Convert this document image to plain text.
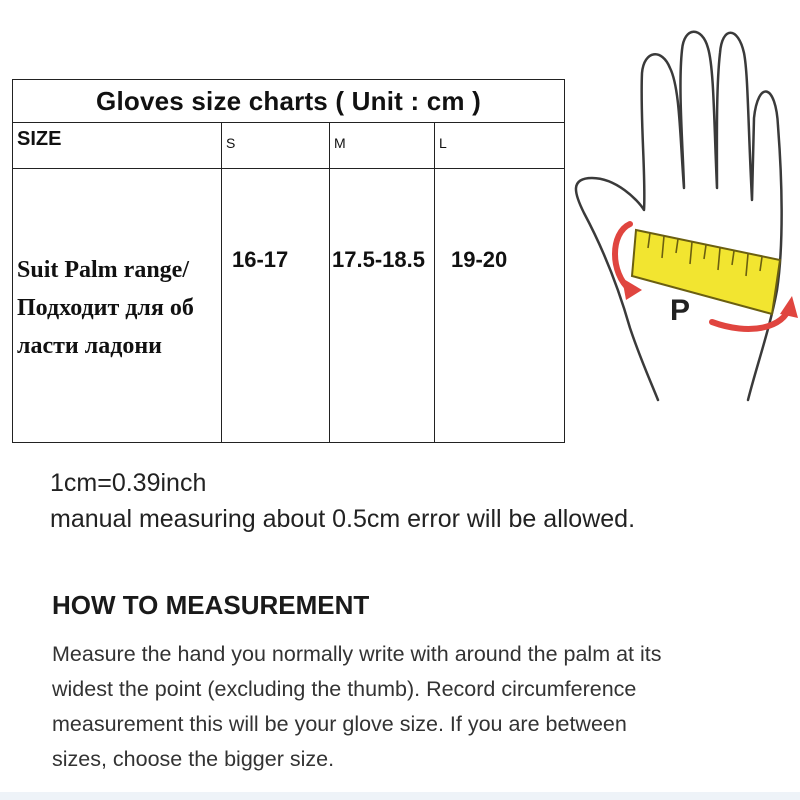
Gloves size charts ( Unit : cm )			
SIZE	S	M	L

Suit Palm range/
Подходит для об
ласти ладони	16-17	17.5-18.5	19-20
P
1cm=0.39inch
manual measuring about 0.5cm error will be allowed.
HOW TO MEASUREMENT
Measure the hand you normally write with around the palm at its
widest the point (excluding the thumb). Record circumference
measurement this will be your glove size. If you are between
sizes, choose the bigger size.
